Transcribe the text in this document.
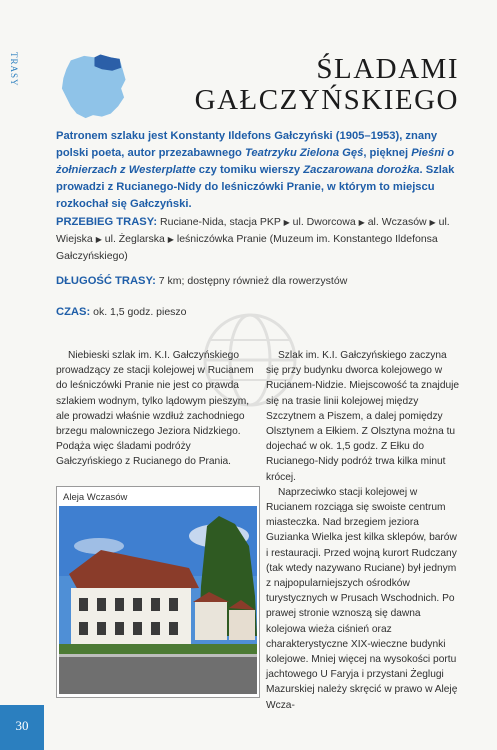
TRASY	ŚLADAMI
GAŁCZYŃSKIEGO
Patronem szlaku jest Konstanty Ildefons Gałczyński (1905–1953), znany polski poeta, autor przezabawnego Teatrzyku Zielona Gęś, pięknej Pieśni o żołnierzach z Westerplatte czy tomiku wierszy Zaczarowana dorożka. Szlak prowadzi z Rucianego-Nidy do leśniczówki Pranie, w którym to miejscu rozkochał się Gałczyński.
PRZEBIEG TRASY: Ruciane-Nida, stacja PKP ▶ ul. Dworcowa ▶ al. Wczasów ▶ ul. Wiejska ▶ ul. Żeglarska ▶ leśniczówka Pranie (Muzeum im. Konstantego Ildefonsa Gałczyńskiego)
DŁUGOŚĆ TRASY: 7 km; dostępny również dla rowerzystów
CZAS: ok. 1,5 godz. pieszo

Niebieski szlak im. K.I. Gałczyńskiego prowadzący ze stacji kolejowej w Rucianem do leśniczówki Pranie nie jest co prawda szlakiem wodnym, tylko lądowym pieszym, ale prowadzi właśnie wzdłuż zachodniego brzegu malowniczego Jeziora Nidzkiego. Podąża więc śladami podróży Gałczyńskiego z Rucianego do Prania.

Aleja Wczasów

Szlak im. K.I. Gałczyńskiego zaczyna się przy budynku dworca kolejowego w Rucianem-Nidzie. Miejscowość ta znajduje się na trasie linii kolejowej między Szczytnem a Piszem, a dalej pomiędzy Olsztynem a Ełkiem. Z Olsztyna można tu dojechać w ok. 1,5 godz. Z Ełku do Rucianego-Nidy podróż trwa kilka minut krócej.

Naprzeciwko stacji kolejowej w Rucianem rozciąga się swoiste centrum miasteczka. Nad brzegiem jeziora Guzianka Wielka jest kilka sklepów, barów i restauracji. Przed wojną kurort Rudczany (tak wtedy nazywano Ruciane) był jednym z najpopularniejszych ośrodków turystycznych w Prusach Wschodnich. Po prawej stronie wznoszą się dawna kolejowa wieża ciśnień oraz charakterystyczne XIX-wieczne budynki kolejowe. Mniej więcej na wysokości portu jachtowego U Faryja i przystani Żeglugi Mazurskiej należy skręcić w prawo w Aleję Wcza-

30
